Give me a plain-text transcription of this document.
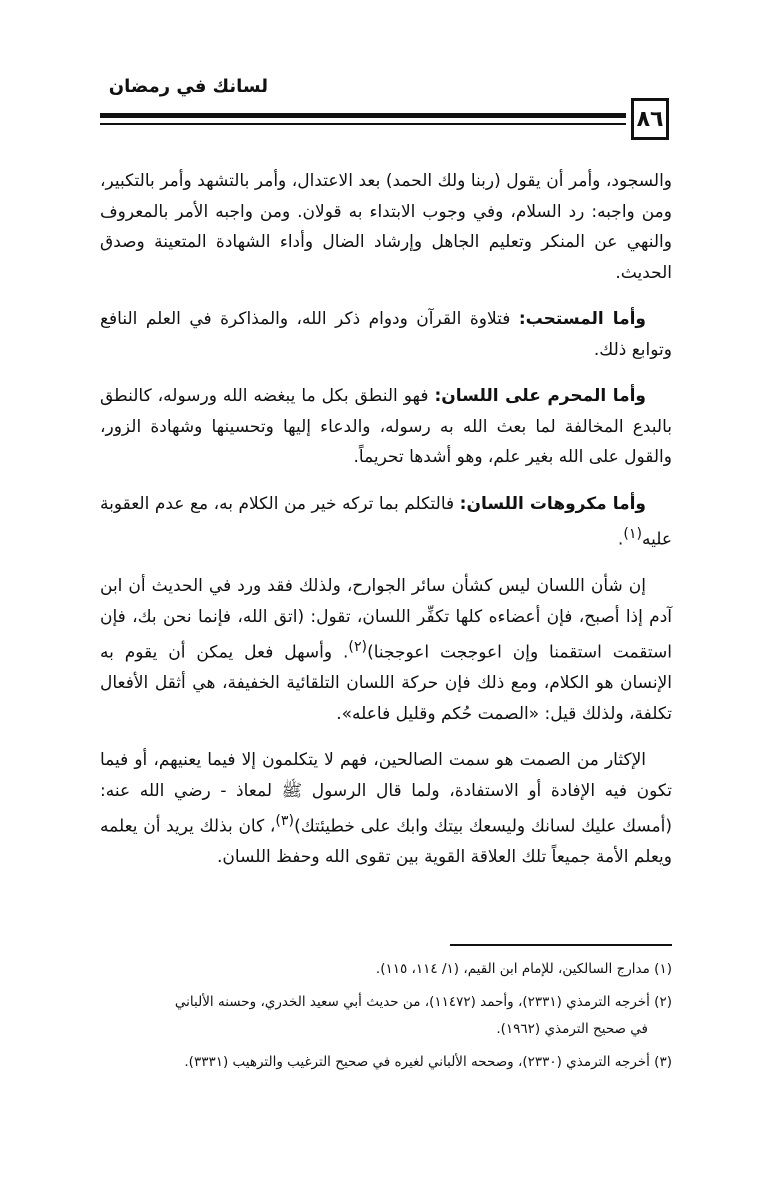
لسانك في رمضان
٨٦

والسجود، وأمر أن يقول (ربنا ولك الحمد) بعد الاعتدال، وأمر بالتشهد وأمر بالتكبير، ومن واجبه: رد السلام، وفي وجوب الابتداء به قولان. ومن واجبه الأمر بالمعروف والنهي عن المنكر وتعليم الجاهل وإرشاد الضال وأداء الشهادة المتعينة وصدق الحديث.

وأما المستحب: فتلاوة القرآن ودوام ذكر الله، والمذاكرة في العلم النافع وتوابع ذلك.

وأما المحرم على اللسان: فهو النطق بكل ما يبغضه الله ورسوله، كالنطق بالبدع المخالفة لما بعث الله به رسوله، والدعاء إليها وتحسينها وشهادة الزور، والقول على الله بغير علم، وهو أشدها تحريماً.

وأما مكروهات اللسان: فالتكلم بما تركه خير من الكلام به، مع عدم العقوبة عليه$^{(١)}$.

إن شأن اللسان ليس كشأن سائر الجوارح، ولذلك فقد ورد في الحديث أن ابن آدم إذا أصبح، فإن أعضاءه كلها تكفِّر اللسان، تقول: (اتق الله، فإنما نحن بك، فإن استقمت استقمنا وإن اعوججت اعوججنا)$^{(٢)}$. وأسهل فعل يمكن أن يقوم به الإنسان هو الكلام، ومع ذلك فإن حركة اللسان التلقائية الخفيفة، هي أثقل الأفعال تكلفة، ولذلك قيل: «الصمت حُكم وقليل فاعله».

الإكثار من الصمت هو سمت الصالحين، فهم لا يتكلمون إلا فيما يعنيهم، أو فيما تكون فيه الإفادة أو الاستفادة، ولما قال الرسول ﷺ لمعاذ - رضي الله عنه: (أمسك عليك لسانك وليسعك بيتك وابك على خطيئتك)$^{(٣)}$، كان بذلك يريد أن يعلمه ويعلم الأمة جميعاً تلك العلاقة القوية بين تقوى الله وحفظ اللسان.

(١) مدارج السالكين، للإمام ابن القيم، (١/ ١١٤، ١١٥).
(٢) أخرجه الترمذي (٢٣٣١)، وأحمد (١١٤٧٢)، من حديث أبي سعيد الخدري، وحسنه الألباني
في صحيح الترمذي (١٩٦٢).
(٣) أخرجه الترمذي (٢٣٣٠)، وصححه الألباني لغيره في صحيح الترغيب والترهيب (٣٣٣١).
